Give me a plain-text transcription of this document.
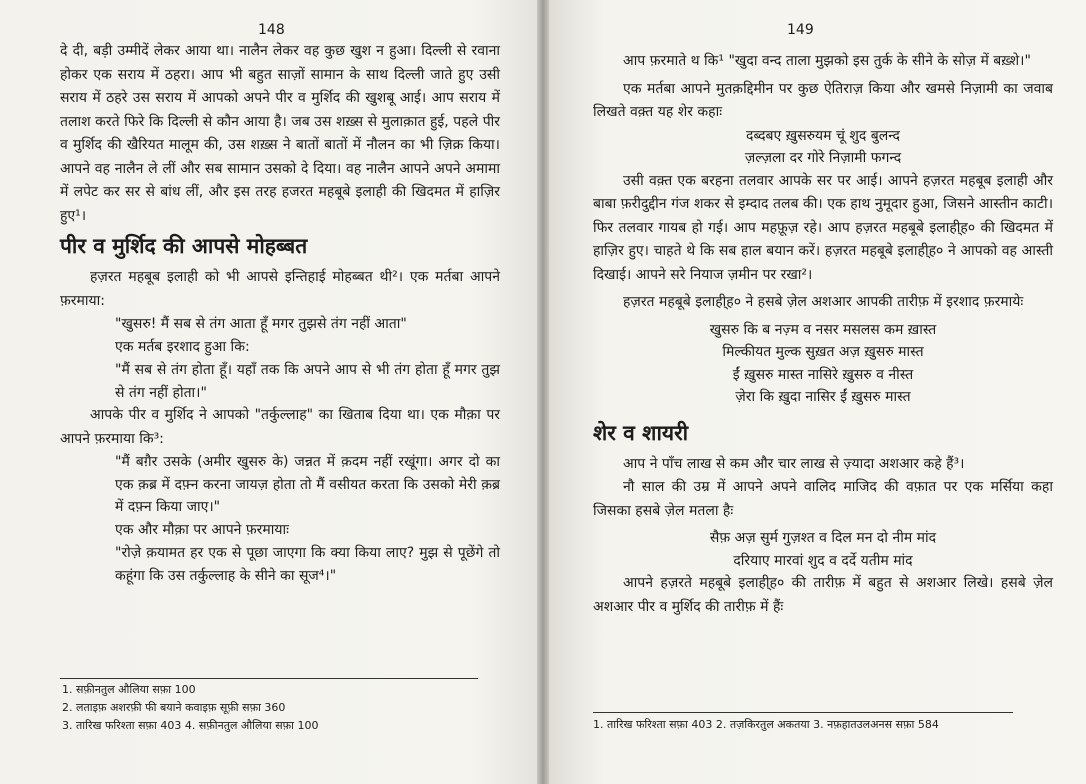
148

दे दी, बड़ी उम्मीदें लेकर आया था। नालैन लेकर वह कुछ खुश न हुआ। दिल्ली से रवाना होकर एक सराय में ठहरा। आप भी बहुत साज़ों सामान के साथ दिल्ली जाते हुए उसी सराय में ठहरे उस सराय में आपको अपने पीर व मुर्शिद की खुशबू आई। आप सराय में तलाश करते फिरे कि दिल्ली से कौन आया है। जब उस शख़्स से मुलाक़ात हुई, पहले पीर व मुर्शिद की खैरियत मालूम की, उस शख़्स ने बातों बातों में नौलन का भी ज़िक्र किया। आपने वह नालैन ले लीं और सब सामान उसको दे दिया। वह नालैन आपने अपने अमामा में लपेट कर सर से बांध लीं, और इस तरह हजरत महबूबे इलाही की खिदमत में हाज़िर हुए¹।

पीर व मुर्शिद की आपसे मोहब्बत

हज़रत महबूब इलाही को भी आपसे इन्तिहाई मोहब्बत थी²। एक मर्तबा आपने फ़रमाया:

"खुसरु! मैं सब से तंग आता हूँ मगर तुझसे तंग नहीं आता"

एक मर्तब इरशाद हुआ कि:

"मैं सब से तंग होता हूँ। यहाँ तक कि अपने आप से भी तंग होता हूँ मगर तुझ से तंग नहीं होता।"

आपके पीर व मुर्शिद ने आपको "तर्कुल्लाह" का खिताब दिया था। एक मौक़ा पर आपने फ़रमाया कि³:

"मैं बग़ैर उसके (अमीर खुसरु के) जन्नत में क़दम नहीं रखूंगा। अगर दो का एक क़ब्र में दफ़्न करना जायज़ होता तो मैं वसीयत करता कि उसको मेरी क़ब्र में दफ़्न किया जाए।"

एक और मौक़ा पर आपने फ़रमायाः

"रोज़े क़यामत हर एक से पूछा जाएगा कि क्या किया लाए? मुझ से पूछेंगे तो कहूंगा कि उस तर्कुल्लाह के सीने का सूज⁴।"

1. सफ़ीनतुल औलिया सफ़ा 100
2. लताइफ़ अशरफ़ी फी बयाने कवाइफ़ सूफ़ी सफ़ा 360
3. तारिख फरिश्ता सफ़ा 403 4. सफ़ीनतुल औलिया सफ़ा 100
149

आप फ़रमाते थ कि¹ "खुदा वन्द ताला मुझको इस तुर्क के सीने के सोज़ में बख़्शे।"

एक मर्तबा आपने मुतक़द्दिमीन पर कुछ ऐतिराज़ किया और खमसे निज़ामी का जवाब लिखते वक़्त यह शेर कहाः

दब्दबए ख़ुसरुयम चूं शुद बुलन्द
ज़ल्ज़ला दर गोरे निज़ामी फगन्द

उसी वक़्त एक बरहना तलवार आपके सर पर आई। आपने हज़रत महबूब इलाही और बाबा फ़रीदुद्दीन गंज शकर से इम्दाद तलब की। एक हाथ नुमूदार हुआ, जिसने आस्तीन काटी। फिर तलवार गायब हो गई। आप महफ़ूज़ रहे। आप हज़रत महबूबे इलाही्ह० की खिदमत में हाज़िर हुए। चाहते थे कि सब हाल बयान करें। हज़रत महबूबे इलाही्ह० ने आपको वह आस्ती दिखाई। आपने सरे नियाज ज़मीन पर रखा²।

हज़रत महबूबे इलाही्ह० ने हसबे ज़ेल अशआर आपकी तारीफ़ में इरशाद फ़रमायेः

खुसरु कि ब नज़्म व नसर मसलस कम ख़ास्त
मिल्कीयत मुल्क सुख़त अज़ ख़ुसरु मास्त
ईं ख़ुसरु मास्त नासिरे ख़ुसरु व नीस्त
ज़ेरा कि ख़ुदा नासिर ईं ख़ुसरु मास्त
शेर व शायरी

आप ने पाँच लाख से कम और चार लाख से ज़्यादा अशआर कहे हैं³।

नौ साल की उम्र में आपने अपने वालिद माजिद की वफ़ात पर एक मर्सिया कहा जिसका हसबे ज़ेल मतला हैः

सैफ़ अज़ सुर्म गुज़श्त व दिल मन दो नीम मांद
दरियाए मारवां शुद व दर्दे यतीम मांद

आपने हज़रते महबूबे इलाही्ह० की तारीफ़ में बहुत से अशआर लिखे। हसबे ज़ेल अशआर पीर व मुर्शिद की तारीफ़ में हैंः

1. तारिख फरिश्ता सफ़ा 403 2. तज़किरतुल अकतया 3. नफ़हातउलअनस सफ़ा 584
